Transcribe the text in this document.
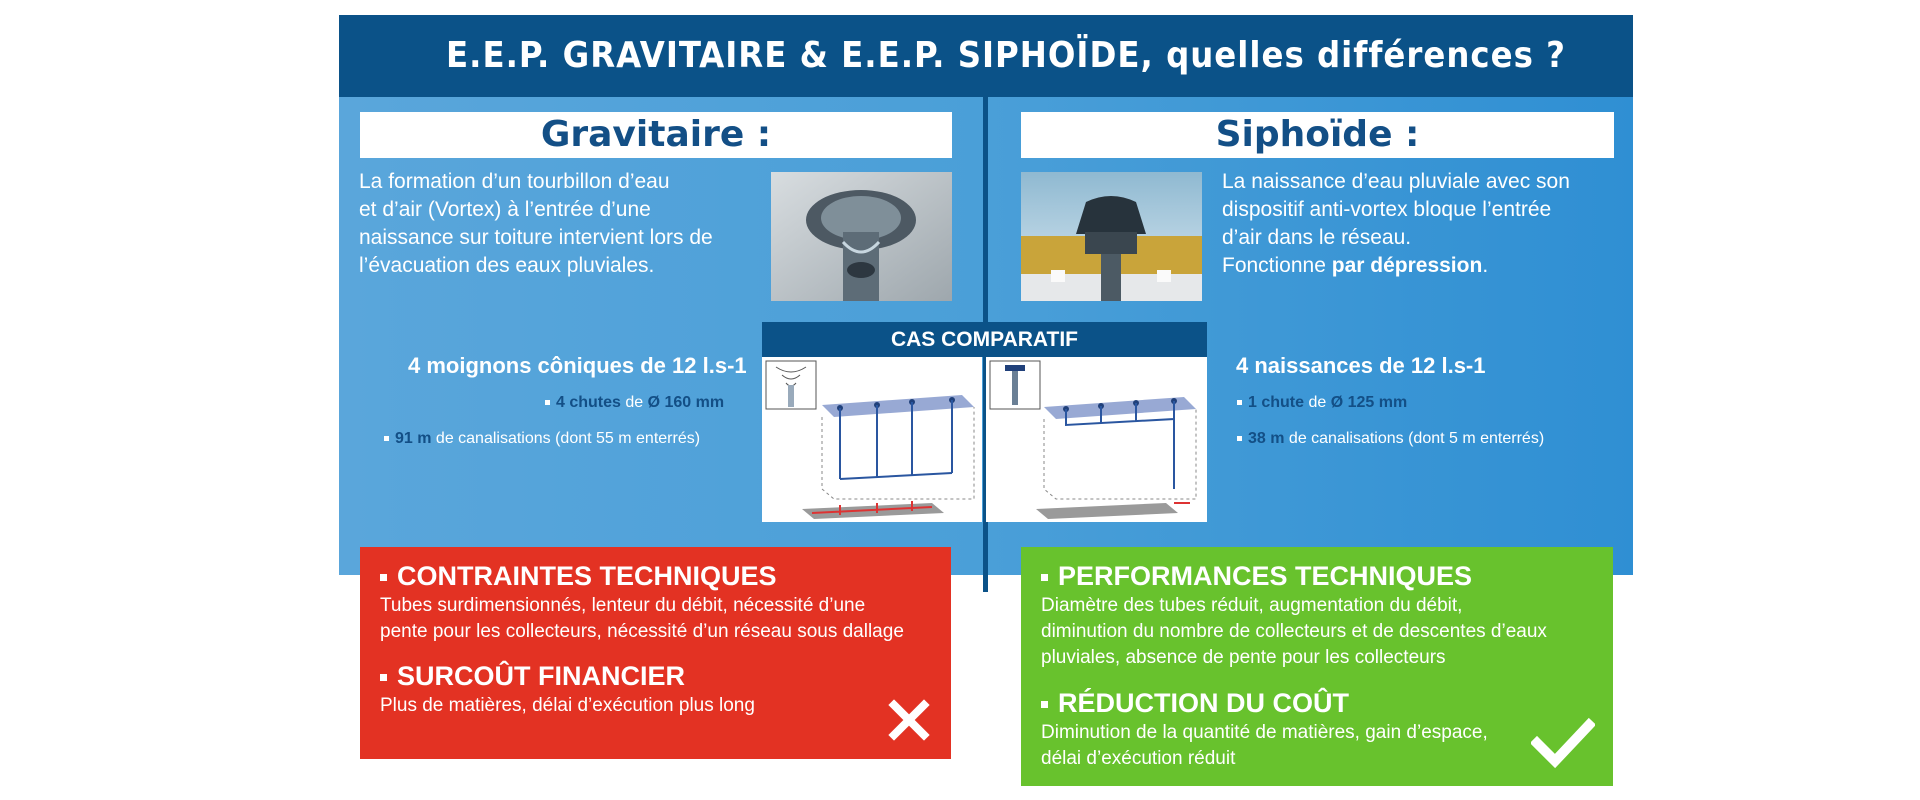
E.E.P. GRAVITAIRE & E.E.P. SIPHOÏDE, quelles différences ?
Gravitaire :
La formation d’un tourbillon d’eau
et d’air (Vortex) à l’entrée d’une
naissance sur toiture intervient lors de
l’évacuation des eaux pluviales.
4 moignons côniques de 12 l.s-1
4 chutes de Ø 160 mm
91 m de canalisations (dont 55 m enterrés)
Siphoïde :
La naissance d’eau pluviale avec son
dispositif anti-vortex bloque l’entrée
d’air dans le réseau.
Fonctionne par dépression.
4 naissances de 12 l.s-1
1 chute de Ø 125 mm
38 m de canalisations (dont 5 m enterrés)
CAS COMPARATIF
CONTRAINTES TECHNIQUES
Tubes surdimensionnés, lenteur du débit, nécessité d’une
pente pour les collecteurs, nécessité d’un réseau sous dallage
SURCOÛT FINANCIER
Plus de matières, délai d’exécution plus long
PERFORMANCES TECHNIQUES
Diamètre des tubes réduit, augmentation du débit,
diminution du nombre de collecteurs et de descentes d’eaux
pluviales, absence de pente pour les collecteurs
RÉDUCTION DU COÛT
Diminution de la quantité de matières, gain d’espace,
délai d’exécution réduit
